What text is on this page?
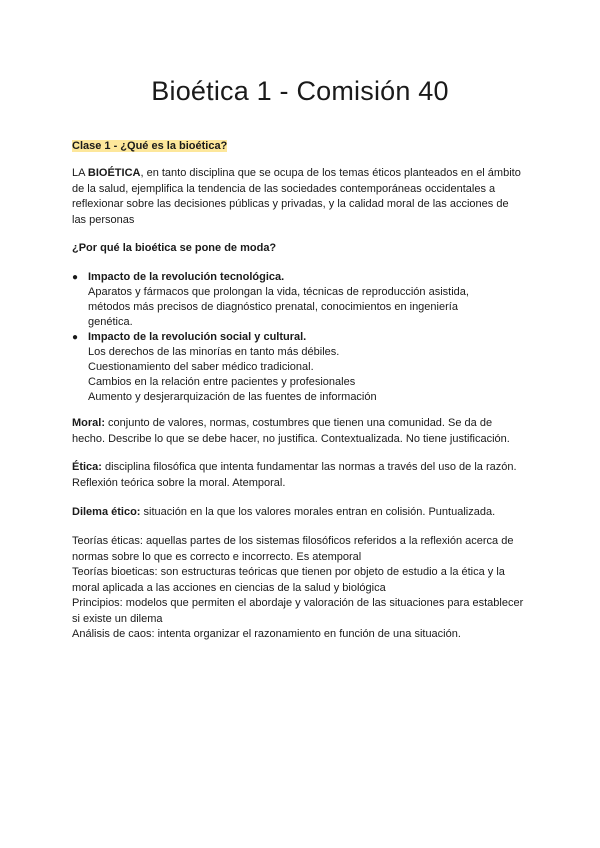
Bioética 1 - Comisión 40

Clase 1 - ¿Qué es la bioética?

LA BIOÉTICA, en tanto disciplina que se ocupa de los temas éticos planteados en el ámbito
de la salud, ejemplifica la tendencia de las sociedades contemporáneas occidentales a
reflexionar sobre las decisiones públicas y privadas, y la calidad moral de las acciones de
las personas

¿Por qué la bioética se pone de moda?

● Impacto de la revolución tecnológica.
Aparatos y fármacos que prolongan la vida, técnicas de reproducción asistida,
métodos más precisos de diagnóstico prenatal, conocimientos en ingeniería
genética.
● Impacto de la revolución social y cultural.
Los derechos de las minorías en tanto más débiles.
Cuestionamiento del saber médico tradicional.
Cambios en la relación entre pacientes y profesionales
Aumento y desjerarquización de las fuentes de información

Moral: conjunto de valores, normas, costumbres que tienen una comunidad. Se da de
hecho. Describe lo que se debe hacer, no justifica. Contextualizada. No tiene justificación.

Ética: disciplina filosófica que intenta fundamentar las normas a través del uso de la razón.
Reflexión teórica sobre la moral. Atemporal.

Dilema ético: situación en la que los valores morales entran en colisión. Puntualizada.

Teorías éticas: aquellas partes de los sistemas filosóficos referidos a la reflexión acerca de
normas sobre lo que es correcto e incorrecto. Es atemporal
Teorías bioeticas: son estructuras teóricas que tienen por objeto de estudio a la ética y la
moral aplicada a las acciones en ciencias de la salud y biológica
Principios: modelos que permiten el abordaje y valoración de las situaciones para establecer
si existe un dilema
Análisis de caos: intenta organizar el razonamiento en función de una situación.
